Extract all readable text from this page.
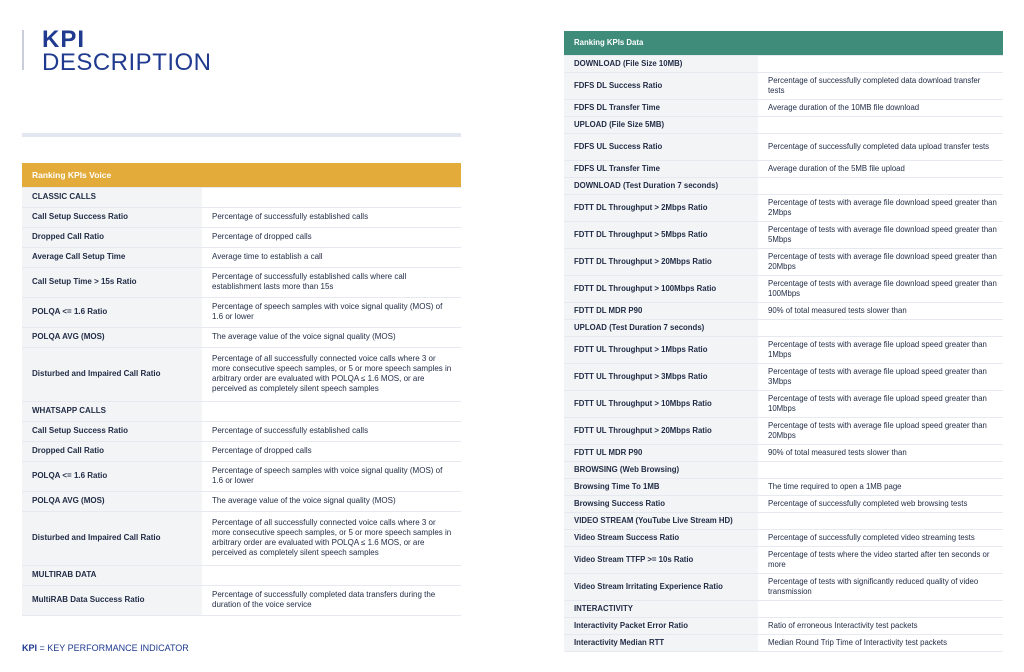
KPI
DESCRIPTION
Ranking KPIs Voice	
CLASSIC CALLS	
Call Setup Success Ratio	Percentage of successfully established calls
Dropped Call Ratio	Percentage of dropped calls
Average Call Setup Time	Average time to establish a call
Call Setup Time > 15s Ratio	Percentage of successfully established calls where call establishment lasts more than 15s
POLQA <= 1.6 Ratio	Percentage of speech samples with voice signal quality (MOS) of 1.6 or lower
POLQA AVG (MOS)	The average value of the voice signal quality (MOS)
Disturbed and Impaired Call Ratio	Percentage of all successfully connected voice calls where 3 or more consecutive speech samples, or 5 or more speech samples in arbitrary order are evaluated with POLQA ≤ 1.6 MOS, or are perceived as completely silent speech samples
WHATSAPP CALLS	
Call Setup Success Ratio	Percentage of successfully established calls
Dropped Call Ratio	Percentage of dropped calls
POLQA <= 1.6 Ratio	Percentage of speech samples with voice signal quality (MOS) of 1.6 or lower
POLQA AVG (MOS)	The average value of the voice signal quality (MOS)
Disturbed and Impaired Call Ratio	Percentage of all successfully connected voice calls where 3 or more consecutive speech samples, or 5 or more speech samples in arbitrary order are evaluated with POLQA ≤ 1.6 MOS, or are perceived as completely silent speech samples
MULTIRAB DATA	
MultiRAB Data Success Ratio	Percentage of successfully completed data transfers during the duration of the voice service
Ranking KPIs Data	
DOWNLOAD (File Size 10MB)	
FDFS DL Success Ratio	Percentage of successfully completed data download transfer tests
FDFS DL Transfer Time	Average duration of the 10MB file download
UPLOAD (File Size 5MB)	
FDFS UL Success Ratio	Percentage of successfully completed data upload transfer tests
FDFS UL Transfer Time	Average duration of the 5MB file upload
DOWNLOAD (Test Duration 7 seconds)	
FDTT DL Throughput > 2Mbps Ratio	Percentage of tests with average file download speed greater than 2Mbps
FDTT DL Throughput > 5Mbps Ratio	Percentage of tests with average file download speed greater than 5Mbps
FDTT DL Throughput > 20Mbps Ratio	Percentage of tests with average file download speed greater than 20Mbps
FDTT DL Throughput > 100Mbps Ratio	Percentage of tests with average file download speed greater than 100Mbps
FDTT DL MDR P90	90% of total measured tests slower than
UPLOAD (Test Duration 7 seconds)	
FDTT UL Throughput > 1Mbps Ratio	Percentage of tests with average file upload speed greater than 1Mbps
FDTT UL Throughput > 3Mbps Ratio	Percentage of tests with average file upload speed greater than 3Mbps
FDTT UL Throughput > 10Mbps Ratio	Percentage of tests with average file upload speed greater than 10Mbps
FDTT UL Throughput > 20Mbps Ratio	Percentage of tests with average file upload speed greater than 20Mbps
FDTT UL MDR P90	90% of total measured tests slower than
BROWSING (Web Browsing)	
Browsing Time To 1MB	The time required to open a 1MB page
Browsing Success Ratio	Percentage of successfully completed web browsing tests
VIDEO STREAM (YouTube Live Stream HD)	
Video Stream Success Ratio	Percentage of successfully completed video streaming tests
Video Stream TTFP >= 10s Ratio	Percentage of tests where the video started after ten seconds or more
Video Stream Irritating Experience Ratio	Percentage of tests with significantly reduced quality of video transmission
INTERACTIVITY	
Interactivity Packet Error Ratio	Ratio of erroneous Interactivity test packets
Interactivity Median RTT	Median Round Trip Time of Interactivity test packets
KPI = KEY PERFORMANCE INDICATOR
